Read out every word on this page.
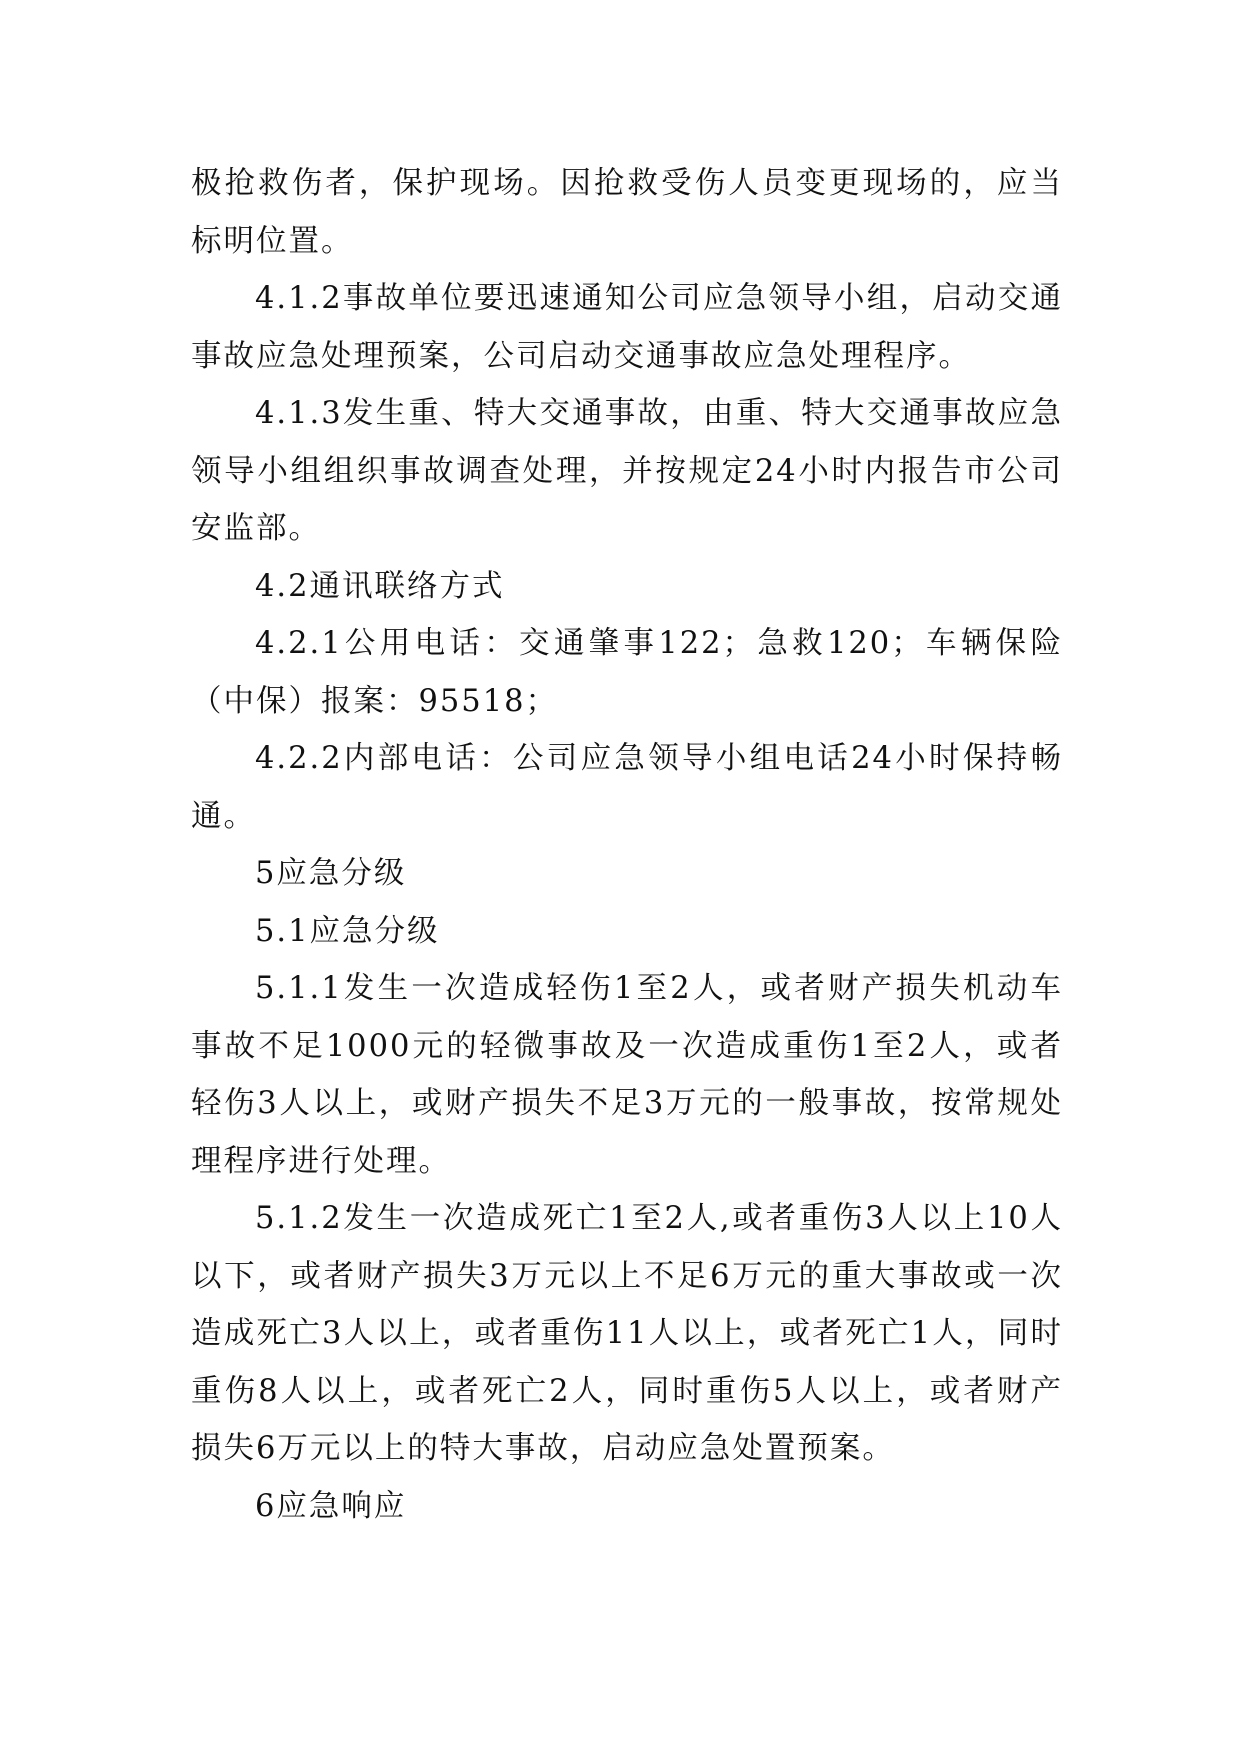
极抢救伤者，保护现场。因抢救受伤人员变更现场的，应当标明位置。

4.1.2事故单位要迅速通知公司应急领导小组，启动交通事故应急处理预案，公司启动交通事故应急处理程序。

4.1.3发生重、特大交通事故，由重、特大交通事故应急领导小组组织事故调查处理，并按规定24小时内报告市公司安监部。

4.2通讯联络方式

4.2.1公用电话：交通肇事122；急救120；车辆保险（中保）报案：95518；

4.2.2内部电话：公司应急领导小组电话24小时保持畅通。

5应急分级

5.1应急分级

5.1.1发生一次造成轻伤1至2人，或者财产损失机动车事故不足1000元的轻微事故及一次造成重伤1至2人，或者轻伤3人以上，或财产损失不足3万元的一般事故，按常规处理程序进行处理。

5.1.2发生一次造成死亡1至2人,或者重伤3人以上10人以下，或者财产损失3万元以上不足6万元的重大事故或一次造成死亡3人以上，或者重伤11人以上，或者死亡1人，同时重伤8人以上，或者死亡2人，同时重伤5人以上，或者财产损失6万元以上的特大事故，启动应急处置预案。

6应急响应
